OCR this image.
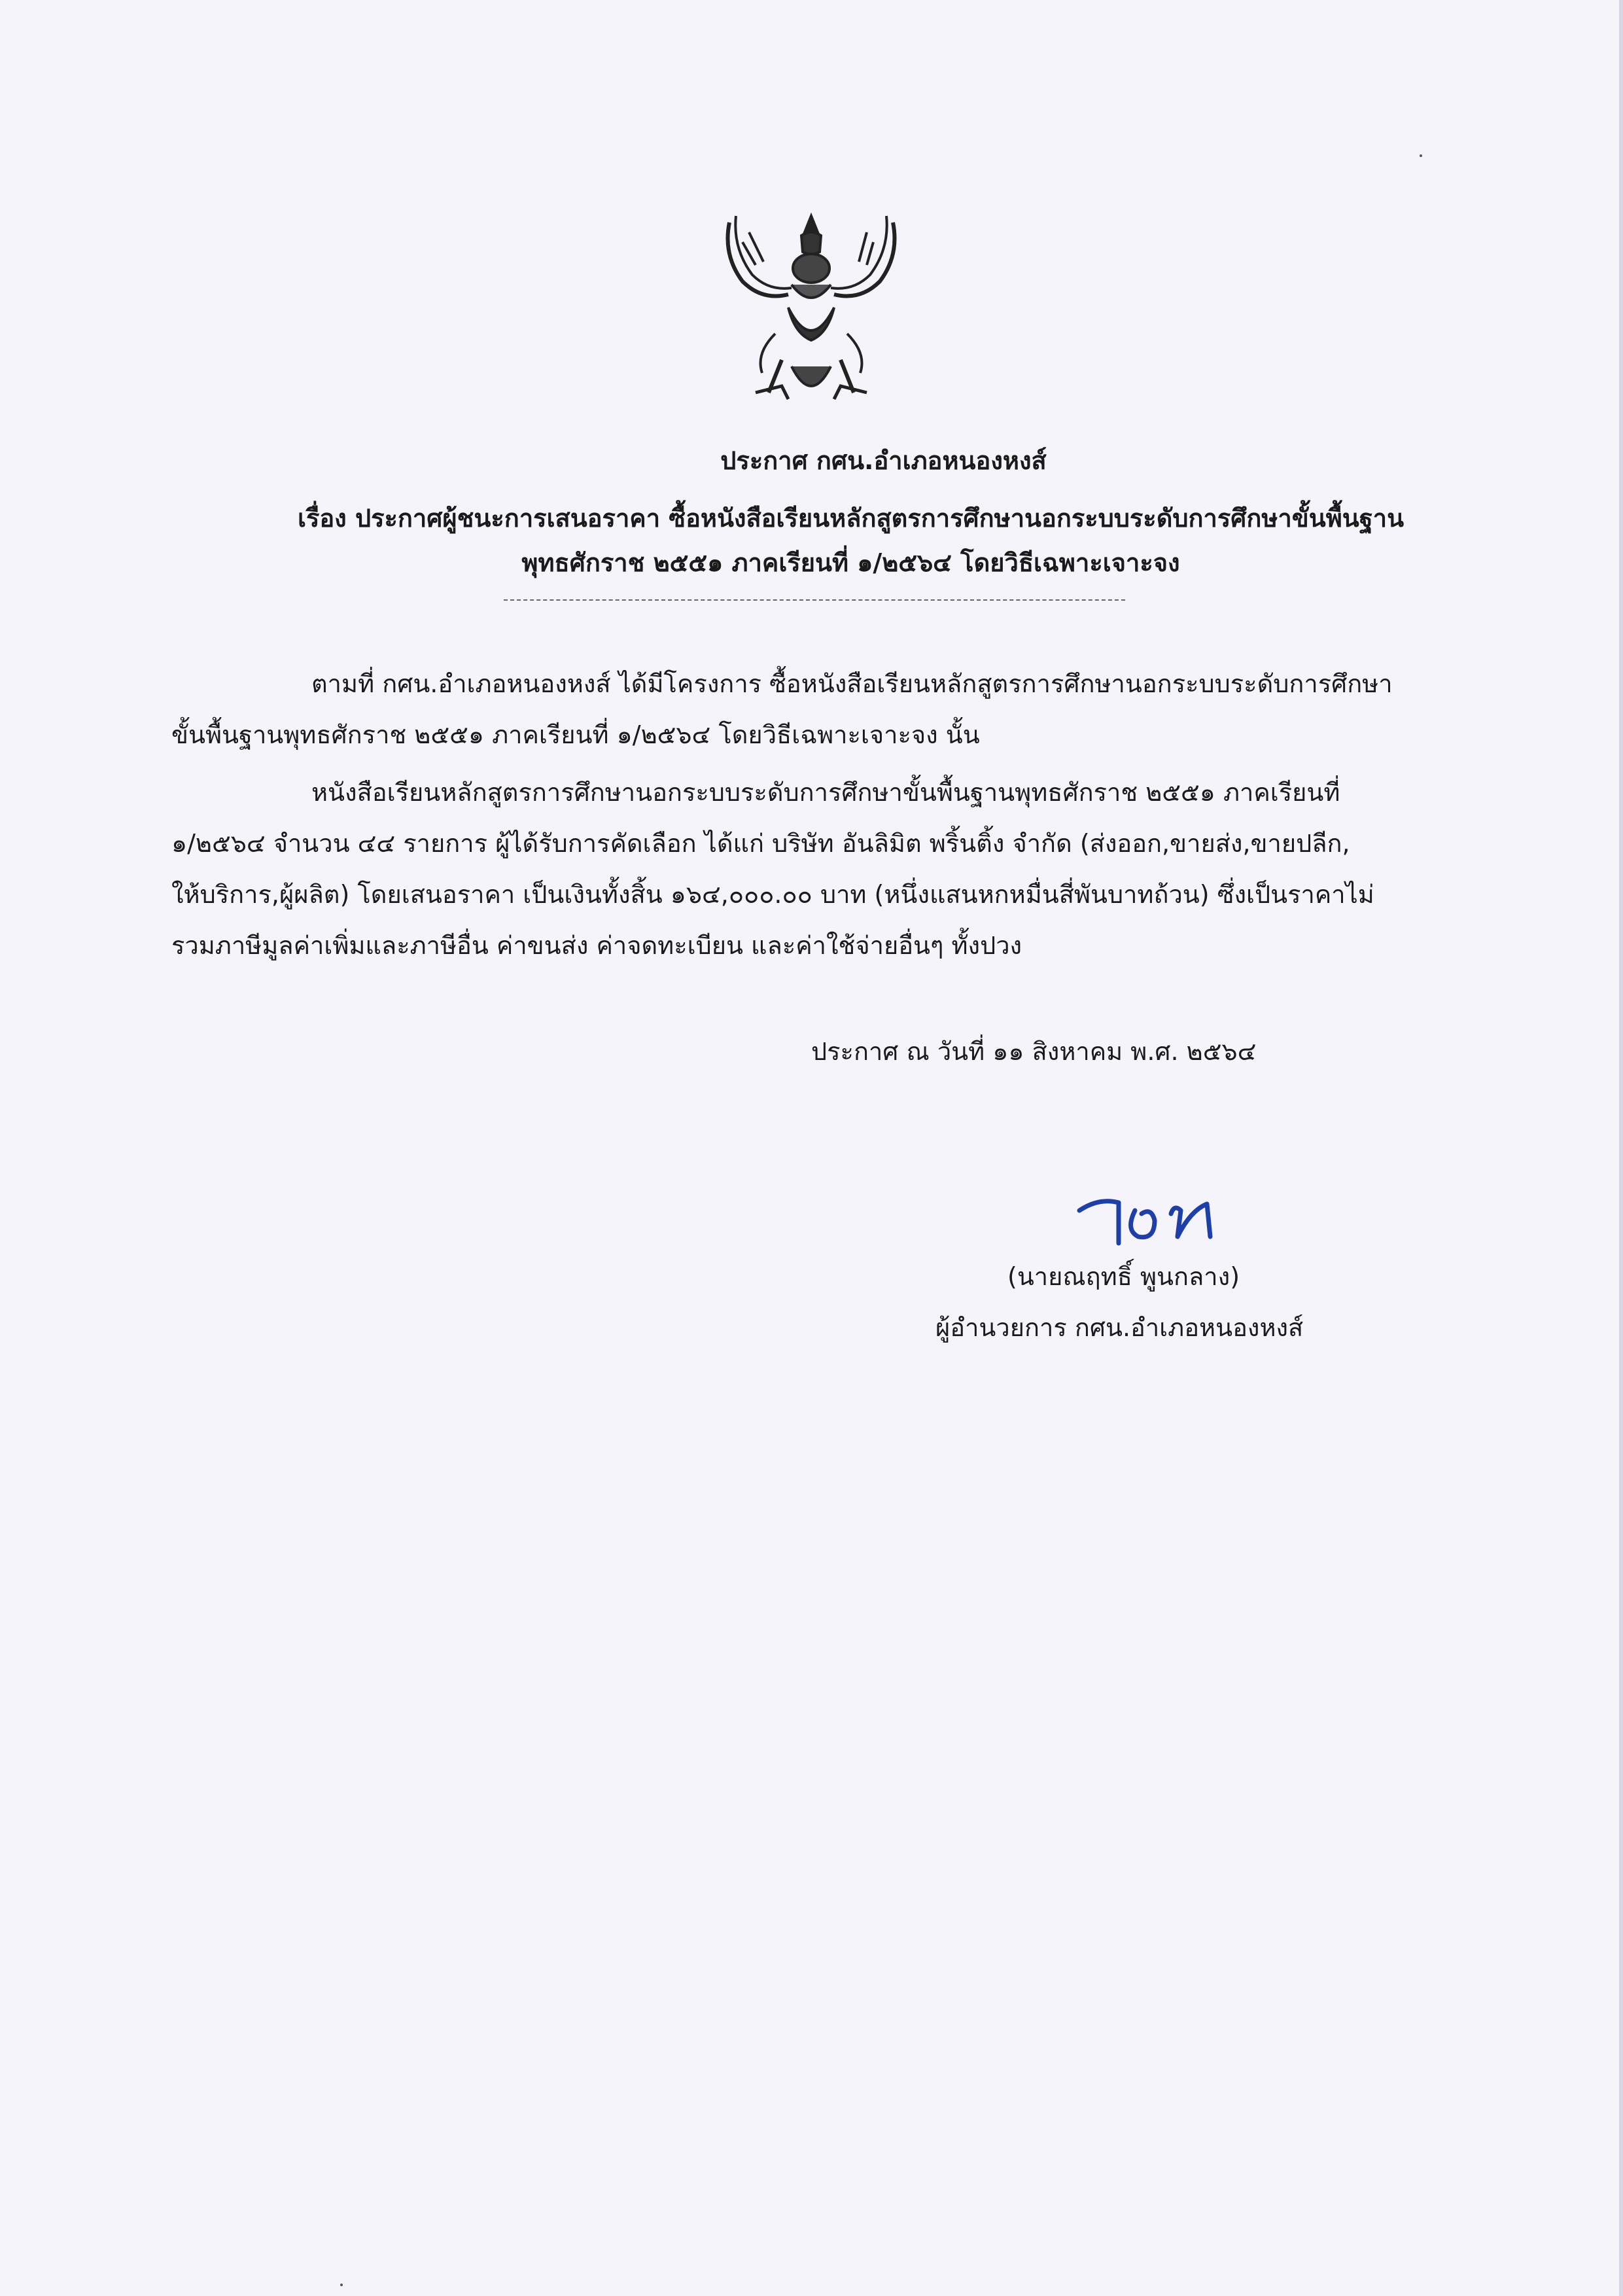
ประกาศ กศน.อำเภอหนองหงส์
เรื่อง ประกาศผู้ชนะการเสนอราคา ซื้อหนังสือเรียนหลักสูตรการศึกษานอกระบบระดับการศึกษาขั้นพื้นฐาน
พุทธศักราช ๒๕๕๑ ภาคเรียนที่ ๑/๒๕๖๔ โดยวิธีเฉพาะเจาะจง
ตามที่ กศน.อำเภอหนองหงส์ ได้มีโครงการ ซื้อหนังสือเรียนหลักสูตรการศึกษานอกระบบระดับการศึกษา
ขั้นพื้นฐานพุทธศักราช ๒๕๕๑ ภาคเรียนที่ ๑/๒๕๖๔ โดยวิธีเฉพาะเจาะจง นั้น
หนังสือเรียนหลักสูตรการศึกษานอกระบบระดับการศึกษาขั้นพื้นฐานพุทธศักราช ๒๕๕๑ ภาคเรียนที่
๑/๒๕๖๔ จำนวน ๔๔ รายการ ผู้ได้รับการคัดเลือก ได้แก่ บริษัท อันลิมิต พริ้นติ้ง จำกัด (ส่งออก,ขายส่ง,ขายปลีก,
ให้บริการ,ผู้ผลิต) โดยเสนอราคา เป็นเงินทั้งสิ้น ๑๖๔,๐๐๐.๐๐ บาท (หนึ่งแสนหกหมื่นสี่พันบาทถ้วน) ซึ่งเป็นราคาไม่
รวมภาษีมูลค่าเพิ่มและภาษีอื่น ค่าขนส่ง ค่าจดทะเบียน และค่าใช้จ่ายอื่นๆ ทั้งปวง
ประกาศ ณ วันที่ ๑๑ สิงหาคม พ.ศ. ๒๕๖๔
(นายณฤทธิ์ พูนกลาง)
ผู้อำนวยการ กศน.อำเภอหนองหงส์
